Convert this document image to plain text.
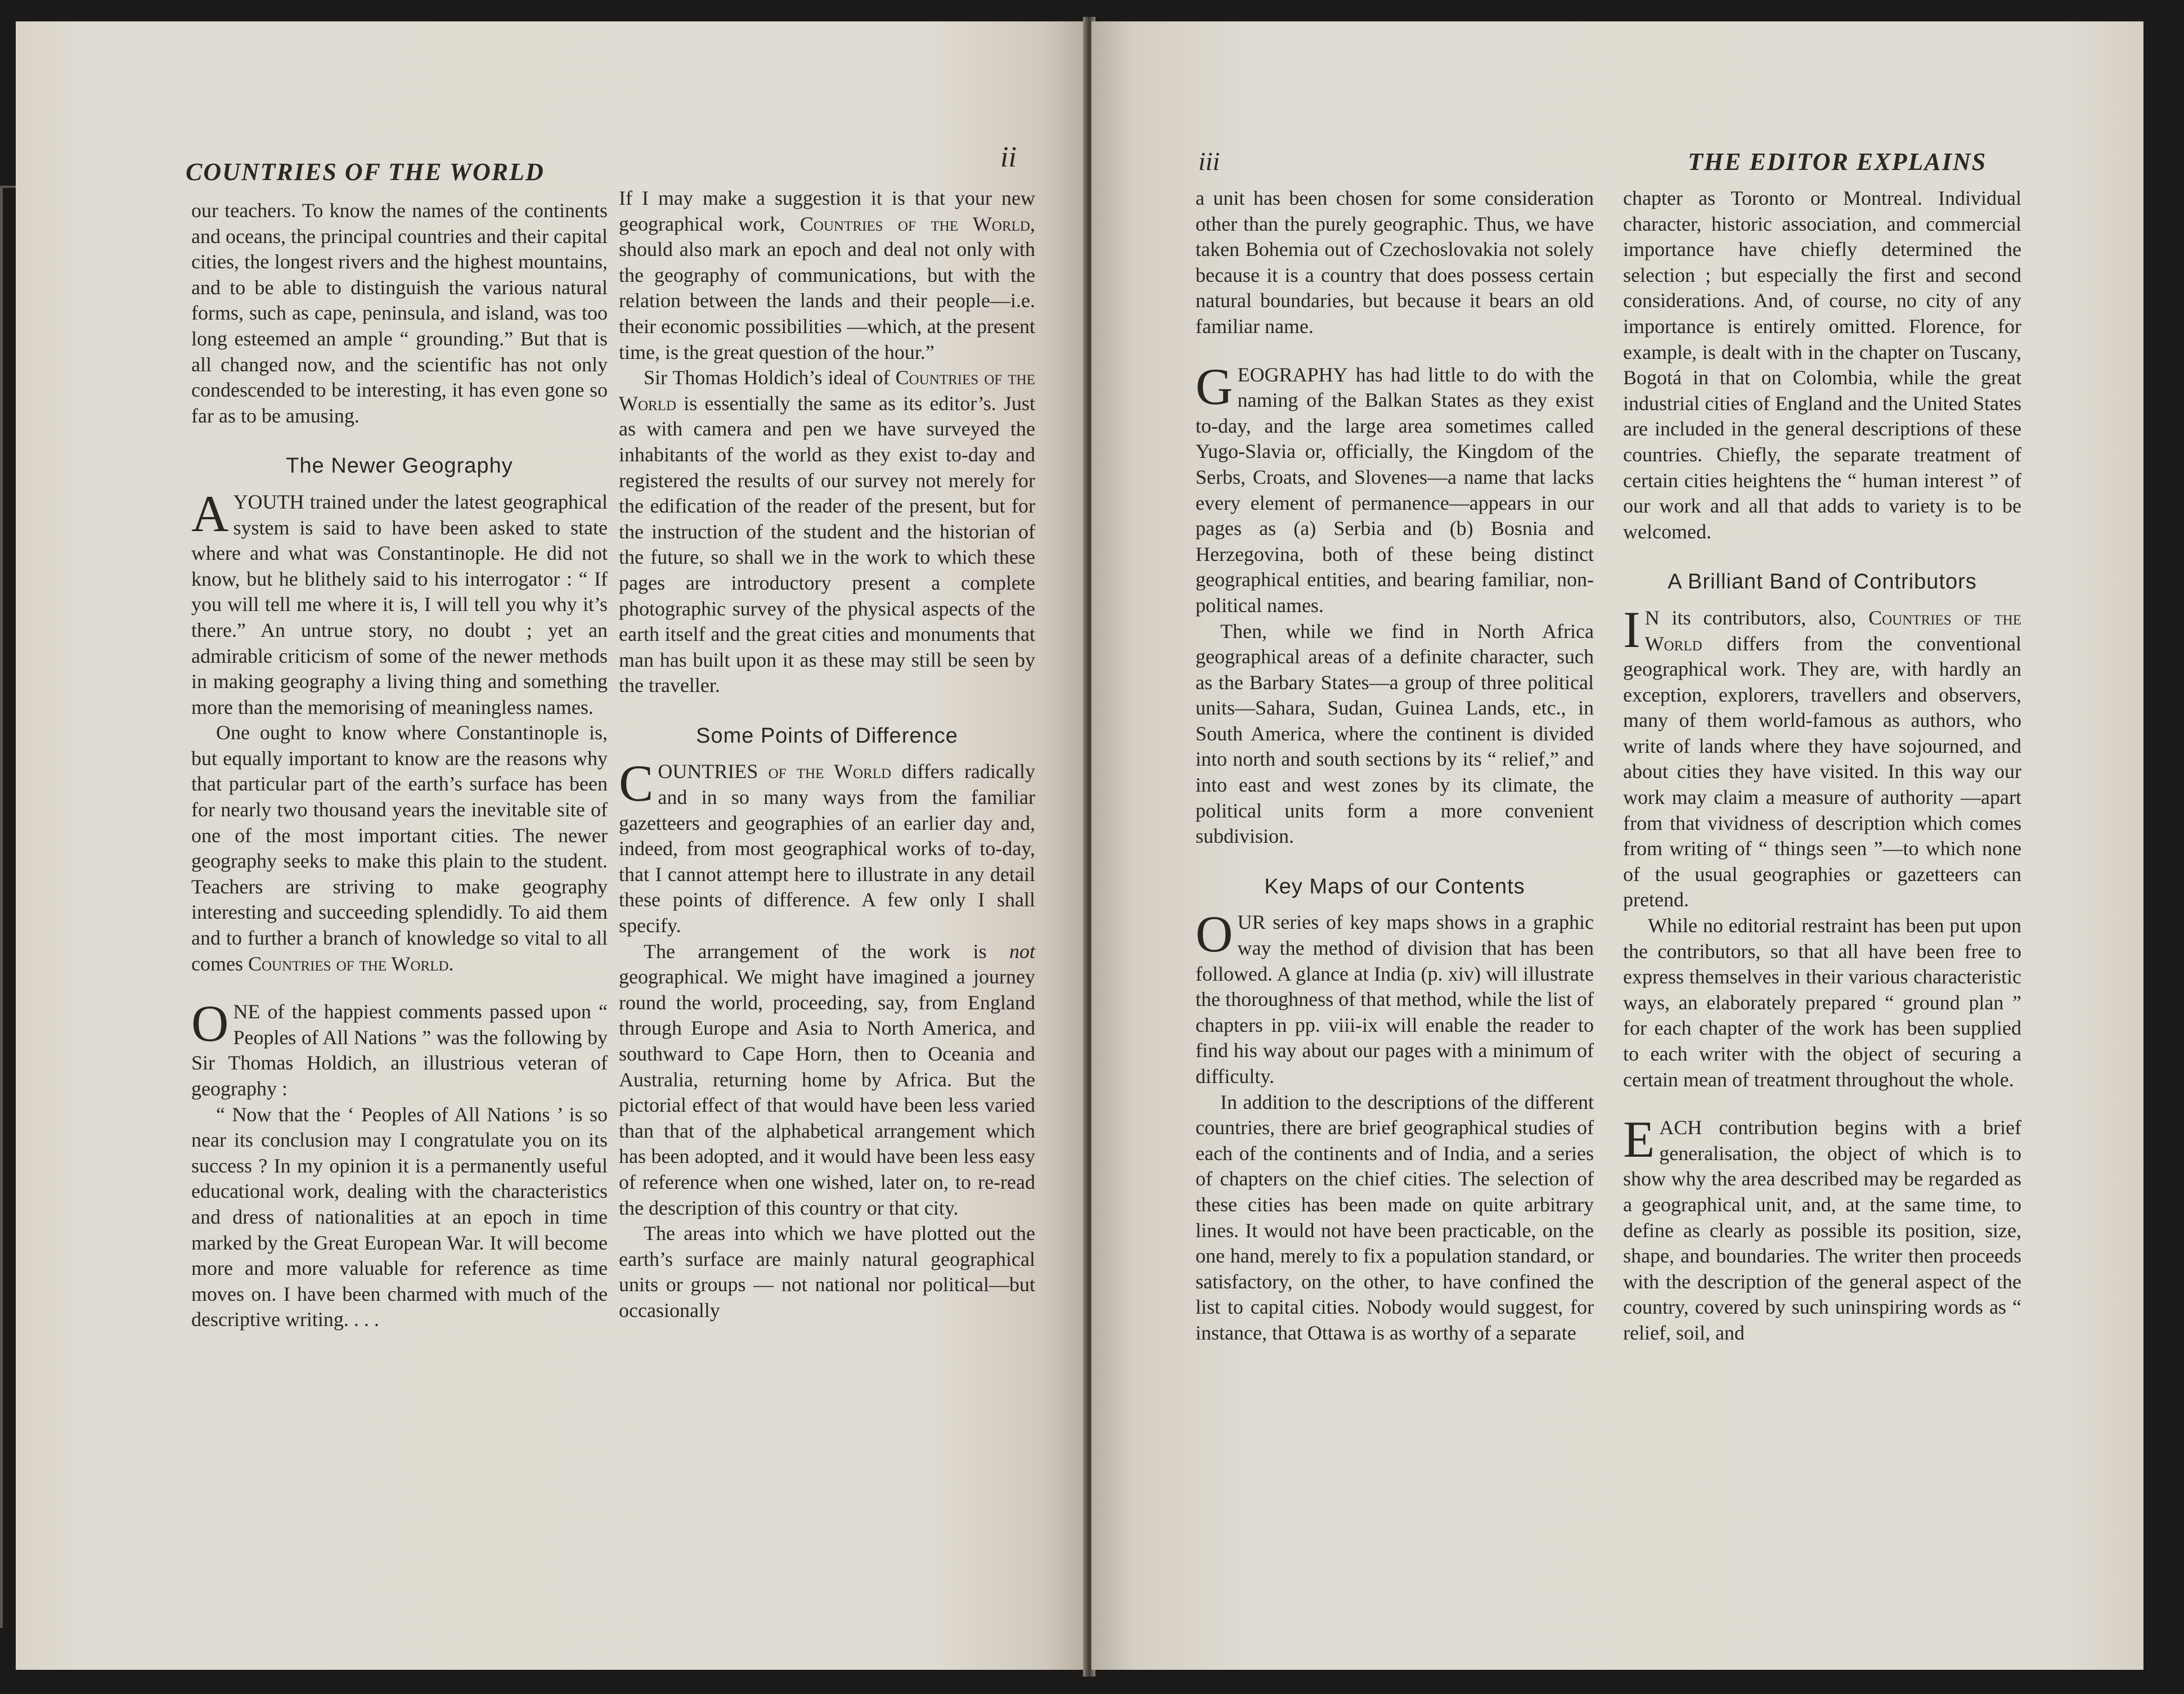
COUNTRIES OF THE WORLD	ii

our teachers. To know the names of the continents and oceans, the principal countries and their capital cities, the longest rivers and the highest mountains, and to be able to distinguish the various natural forms, such as cape, peninsula, and island, was too long esteemed an ample “ grounding.” But that is all changed now, and the scientific has not only condescended to be interesting, it has even gone so far as to be amusing.

The Newer Geography

A YOUTH trained under the latest geographical system is said to have been asked to state where and what was Constantinople. He did not know, but he blithely said to his interrogator : “ If you will tell me where it is, I will tell you why it’s there.” An untrue story, no doubt ; yet an admirable criticism of some of the newer methods in making geography a living thing and something more than the memorising of meaningless names.

One ought to know where Constantinople is, but equally important to know are the reasons why that particular part of the earth’s surface has been for nearly two thousand years the inevitable site of one of the most important cities. The newer geography seeks to make this plain to the student. Teachers are striving to make geography interesting and succeeding splendidly. To aid them and to further a branch of knowledge so vital to all comes Countries of the World.

ONE of the happiest comments passed upon “ Peoples of All Nations ” was the following by Sir Thomas Holdich, an illustrious veteran of geography :

“ Now that the ‘ Peoples of All Nations ’ is so near its conclusion may I congratulate you on its success ? In my opinion it is a permanently useful educational work, dealing with the characteristics and dress of nationalities at an epoch in time marked by the Great European War. It will become more and more valuable for reference as time moves on. I have been charmed with much of the descriptive writing. . . .

If I may make a suggestion it is that your new geographical work, Countries of the World, should also mark an epoch and deal not only with the geography of communications, but with the relation between the lands and their people—i.e. their economic possibilities —which, at the present time, is the great question of the hour.”

Sir Thomas Holdich’s ideal of Countries of the World is essentially the same as its editor’s. Just as with camera and pen we have surveyed the inhabitants of the world as they exist to-day and registered the results of our survey not merely for the edification of the reader of the present, but for the instruction of the student and the historian of the future, so shall we in the work to which these pages are introductory present a complete photographic survey of the physical aspects of the earth itself and the great cities and monuments that man has built upon it as these may still be seen by the traveller.

Some Points of Difference

COUNTRIES of the World differs radically and in so many ways from the familiar gazetteers and geographies of an earlier day and, indeed, from most geographical works of to-day, that I cannot attempt here to illustrate in any detail these points of difference. A few only I shall specify.

The arrangement of the work is not geographical. We might have imagined a journey round the world, proceeding, say, from England through Europe and Asia to North America, and southward to Cape Horn, then to Oceania and Australia, returning home by Africa. But the pictorial effect of that would have been less varied than that of the alphabetical arrangement which has been adopted, and it would have been less easy of reference when one wished, later on, to re-read the description of this country or that city.

The areas into which we have plotted out the earth’s surface are mainly natural geographical units or groups — not national nor political—but occasionally

iii	THE EDITOR EXPLAINS

a unit has been chosen for some consideration other than the purely geographic. Thus, we have taken Bohemia out of Czechoslovakia not solely because it is a country that does possess certain natural boundaries, but because it bears an old familiar name.

GEOGRAPHY has had little to do with the naming of the Balkan States as they exist to-day, and the large area sometimes called Yugo-Slavia or, officially, the Kingdom of the Serbs, Croats, and Slovenes—a name that lacks every element of permanence—appears in our pages as (a) Serbia and (b) Bosnia and Herzegovina, both of these being distinct geographical entities, and bearing familiar, non-political names.

Then, while we find in North Africa geographical areas of a definite character, such as the Barbary States—a group of three political units—Sahara, Sudan, Guinea Lands, etc., in South America, where the continent is divided into north and south sections by its “ relief,” and into east and west zones by its climate, the political units form a more convenient subdivision.

Key Maps of our Contents

OUR series of key maps shows in a graphic way the method of division that has been followed. A glance at India (p. xiv) will illustrate the thoroughness of that method, while the list of chapters in pp. viii-ix will enable the reader to find his way about our pages with a minimum of difficulty.

In addition to the descriptions of the different countries, there are brief geographical studies of each of the continents and of India, and a series of chapters on the chief cities. The selection of these cities has been made on quite arbitrary lines. It would not have been practicable, on the one hand, merely to fix a population standard, or satisfactory, on the other, to have confined the list to capital cities. Nobody would suggest, for instance, that Ottawa is as worthy of a separate

chapter as Toronto or Montreal. Individual character, historic association, and commercial importance have chiefly determined the selection ; but especially the first and second considerations. And, of course, no city of any importance is entirely omitted. Florence, for example, is dealt with in the chapter on Tuscany, Bogotá in that on Colombia, while the great industrial cities of England and the United States are included in the general descriptions of these countries. Chiefly, the separate treatment of certain cities heightens the “ human interest ” of our work and all that adds to variety is to be welcomed.

A Brilliant Band of Contributors

I N its contributors, also, Countries of the World differs from the conventional geographical work. They are, with hardly an exception, explorers, travellers and observers, many of them world-famous as authors, who write of lands where they have sojourned, and about cities they have visited. In this way our work may claim a measure of authority —apart from that vividness of description which comes from writing of “ things seen ”—to which none of the usual geographies or gazetteers can pretend.

While no editorial restraint has been put upon the contributors, so that all have been free to express themselves in their various characteristic ways, an elaborately prepared “ ground plan ” for each chapter of the work has been supplied to each writer with the object of securing a certain mean of treatment throughout the whole.

EACH contribution begins with a brief generalisation, the object of which is to show why the area described may be regarded as a geographical unit, and, at the same time, to define as clearly as possible its position, size, shape, and boundaries. The writer then proceeds with the description of the general aspect of the country, covered by such uninspiring words as “ relief, soil, and
